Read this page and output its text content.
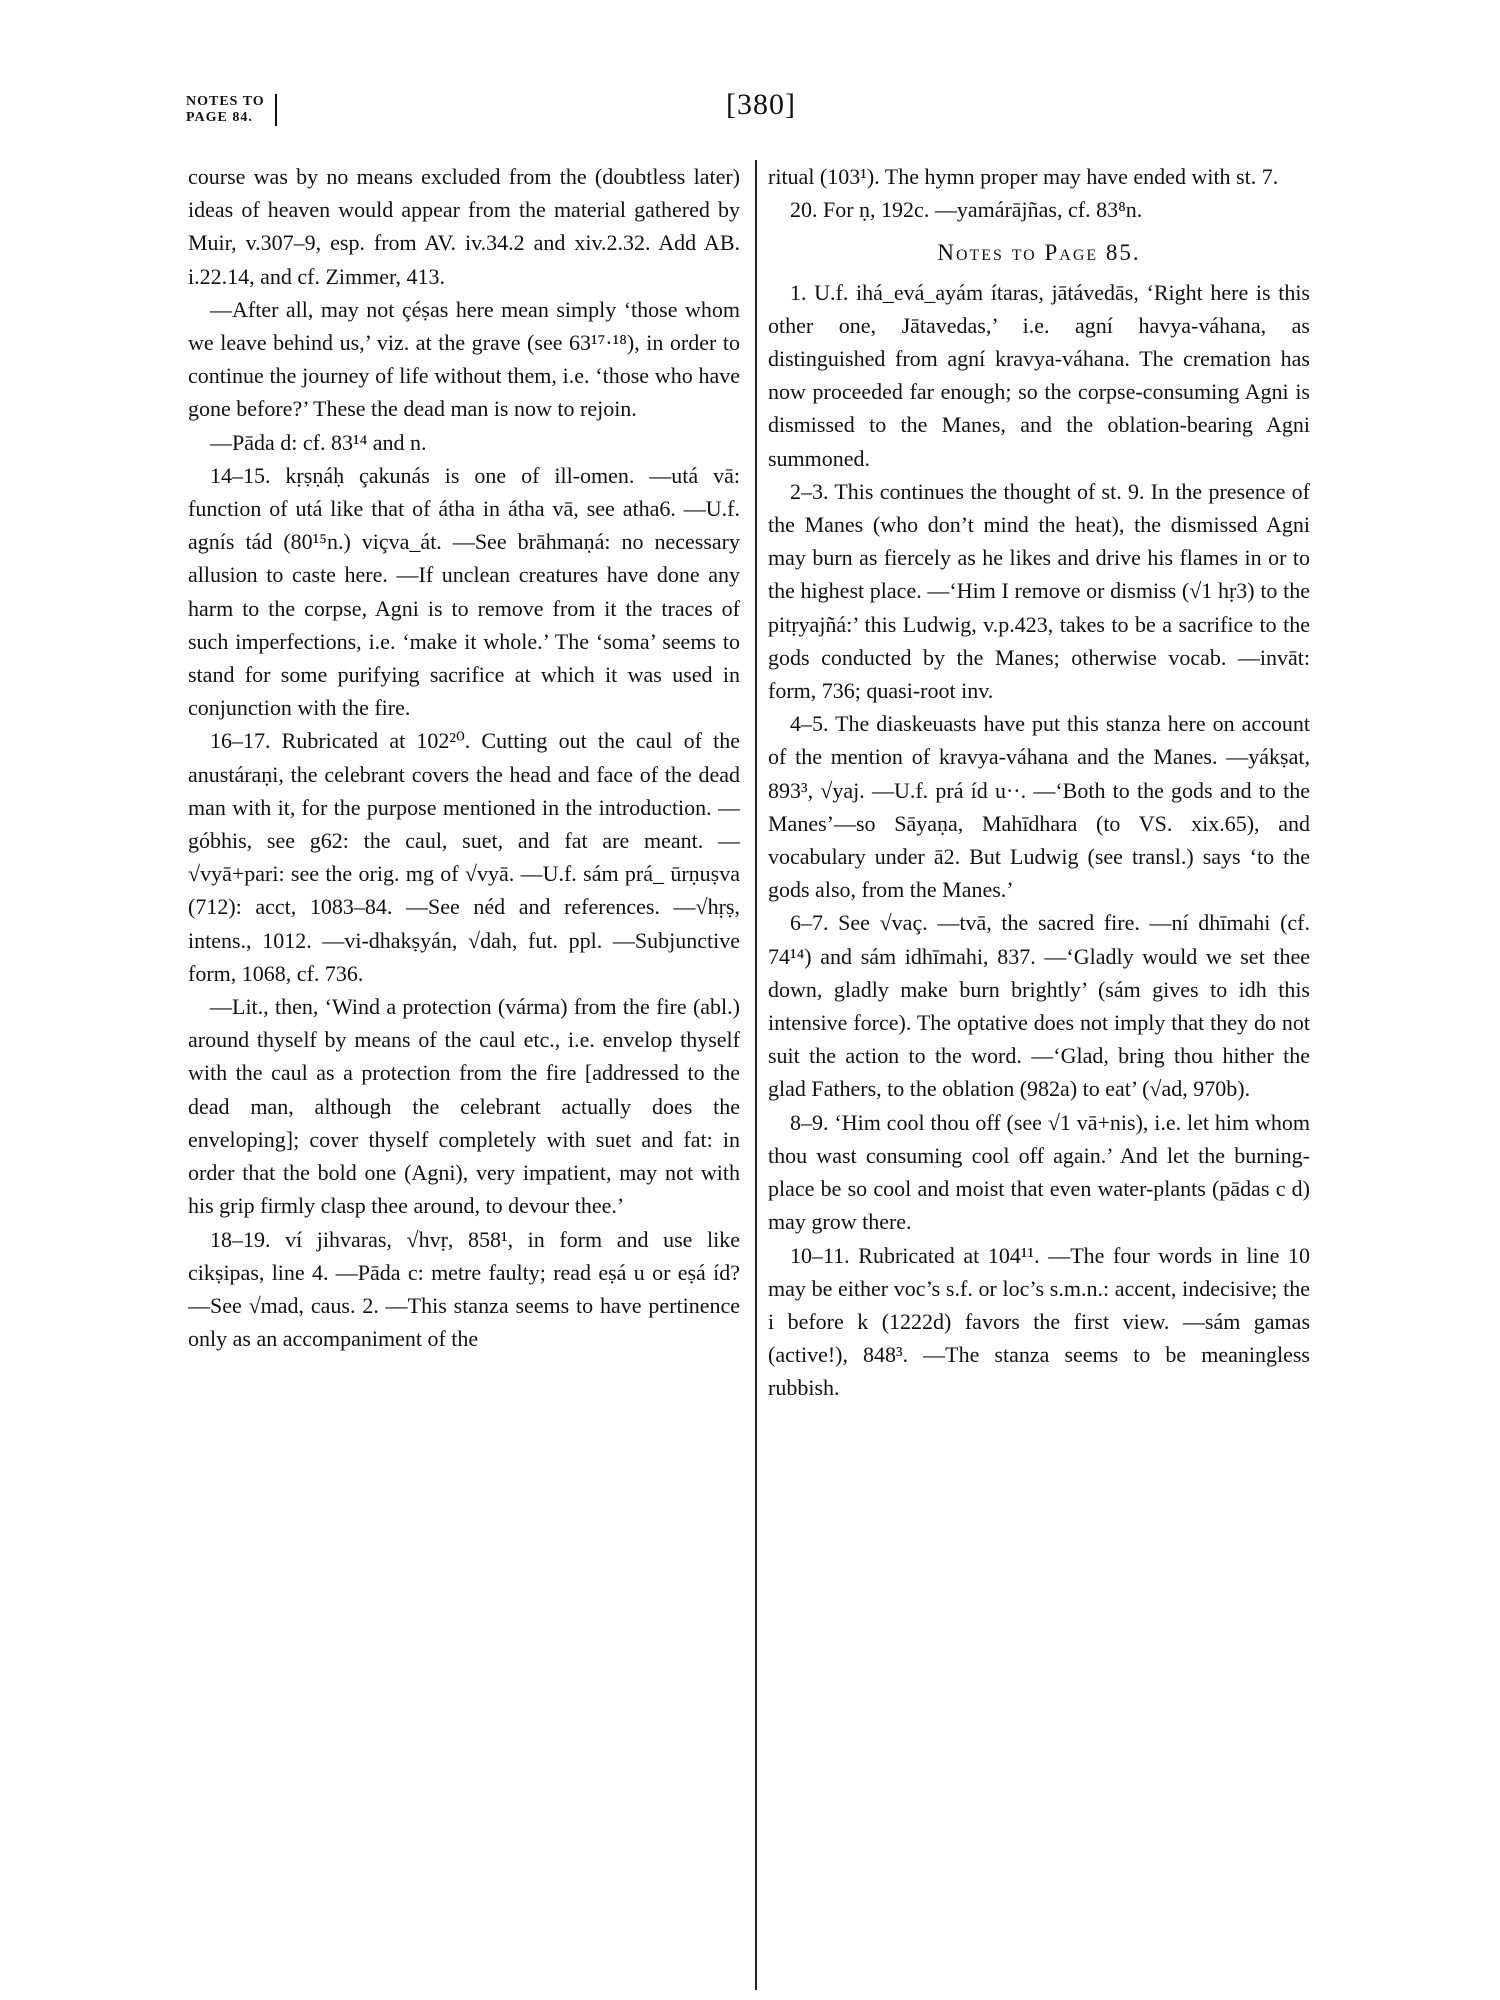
NOTES TO
PAGE 84.	[380]

course was by no means excluded from the (doubtless later) ideas of heaven would appear from the material gathered by Muir, v.307–9, esp. from AV. iv.34.2 and xiv.2.32. Add AB. i.22.14, and cf. Zimmer, 413.

—After all, may not çéṣas here mean simply ‘those whom we leave behind us,’ viz. at the grave (see 63¹⁷·¹⁸), in order to continue the journey of life without them, i.e. ‘those who have gone before?’ These the dead man is now to rejoin.

—Pāda d: cf. 83¹⁴ and n.

14–15. kṛṣṇáḥ çakunás is one of ill-omen. —utá vā: function of utá like that of átha in átha vā, see atha6. —U.f. agnís tád (80¹⁵n.) viçva_át. —See brāhmaṇá: no necessary allusion to caste here. —If unclean creatures have done any harm to the corpse, Agni is to remove from it the traces of such imperfections, i.e. ‘make it whole.’ The ‘soma’ seems to stand for some purifying sacrifice at which it was used in conjunction with the fire.

16–17. Rubricated at 102²⁰. Cutting out the caul of the anustáraṇi, the celebrant covers the head and face of the dead man with it, for the purpose mentioned in the introduction. —góbhis, see g62: the caul, suet, and fat are meant. —√vyā+pari: see the orig. mg of √vyā. —U.f. sám prá_ ūrṇuṣva (712): acct, 1083–84. —See néd and references. —√hṛṣ, intens., 1012. —vi-dhakṣyán, √dah, fut. ppl. —Subjunctive form, 1068, cf. 736.

—Lit., then, ‘Wind a protection (várma) from the fire (abl.) around thyself by means of the caul etc., i.e. envelop thyself with the caul as a protection from the fire [addressed to the dead man, although the celebrant actually does the enveloping]; cover thyself completely with suet and fat: in order that the bold one (Agni), very impatient, may not with his grip firmly clasp thee around, to devour thee.’

18–19. ví jihvaras, √hvṛ, 858¹, in form and use like cikṣipas, line 4. —Pāda c: metre faulty; read eṣá u or eṣá íd? —See √mad, caus. 2. —This stanza seems to have pertinence only as an accompaniment of the

ritual (103¹). The hymn proper may have ended with st. 7.

20. For ṇ, 192c. —yamárājñas, cf. 83⁸n.

Notes to Page 85.

1. U.f. ihá_evá_ayám ítaras, jātávedās, ‘Right here is this other one, Jātavedas,’ i.e. agní havya-váhana, as distinguished from agní kravya-váhana. The cremation has now proceeded far enough; so the corpse-consuming Agni is dismissed to the Manes, and the oblation-bearing Agni summoned.

2–3. This continues the thought of st. 9. In the presence of the Manes (who don’t mind the heat), the dismissed Agni may burn as fiercely as he likes and drive his flames in or to the highest place. —‘Him I remove or dismiss (√1 hṛ3) to the pitṛyajñá:’ this Ludwig, v.p.423, takes to be a sacrifice to the gods conducted by the Manes; otherwise vocab. —invāt: form, 736; quasi-root inv.

4–5. The diaskeuasts have put this stanza here on account of the mention of kravya-váhana and the Manes. —yákṣat, 893³, √yaj. —U.f. prá íd u··. —‘Both to the gods and to the Manes’—so Sāyaṇa, Mahīdhara (to VS. xix.65), and vocabulary under ā2. But Ludwig (see transl.) says ‘to the gods also, from the Manes.’

6–7. See √vaç. —tvā, the sacred fire. —ní dhīmahi (cf. 74¹⁴) and sám idhīmahi, 837. —‘Gladly would we set thee down, gladly make burn brightly’ (sám gives to idh this intensive force). The optative does not imply that they do not suit the action to the word. —‘Glad, bring thou hither the glad Fathers, to the oblation (982a) to eat’ (√ad, 970b).

8–9. ‘Him cool thou off (see √1 vā+nis), i.e. let him whom thou wast consuming cool off again.’ And let the burning-place be so cool and moist that even water-plants (pādas c d) may grow there.

10–11. Rubricated at 104¹¹. —The four words in line 10 may be either voc’s s.f. or loc’s s.m.n.: accent, indecisive; the i before k (1222d) favors the first view. —sám gamas (active!), 848³. —The stanza seems to be meaningless rubbish.
